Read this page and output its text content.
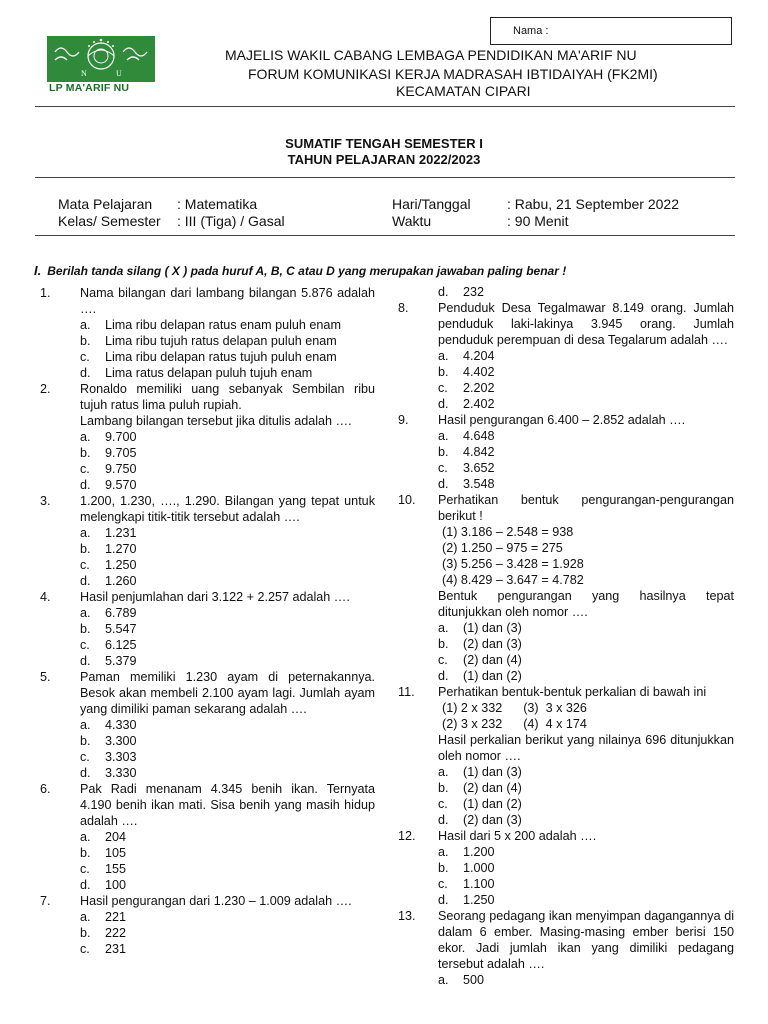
Nama :
N	U
LP MA'ARIF NU
MAJELIS WAKIL CABANG LEMBAGA PENDIDIKAN MA'ARIF NU
FORUM KOMUNIKASI KERJA MADRASAH IBTIDAIYAH (FK2MI)
KECAMATAN CIPARI
SUMATIF TENGAH SEMESTER I
TAHUN PELAJARAN 2022/2023
Mata Pelajaran : Matematika
Kelas/ Semester : III (Tiga) / Gasal
Hari/Tanggal	: Rabu, 21 September 2022
Waktu	: 90 Menit
I. Berilah tanda silang ( X ) pada huruf A, B, C atau D yang merupakan jawaban paling benar !
1.	Nama bilangan dari lambang bilangan 5.876 adalah ….
a.	Lima ribu delapan ratus enam puluh enam
b.	Lima ribu tujuh ratus delapan puluh enam
c.	Lima ribu delapan ratus tujuh puluh enam
d.	Lima ratus delapan puluh tujuh enam
2.	Ronaldo memiliki uang sebanyak Sembilan ribu tujuh ratus lima puluh rupiah.
Lambang bilangan tersebut jika ditulis adalah ….
a.	9.700
b.	9.705
c.	9.750
d.	9.570
3.	1.200, 1.230, …., 1.290. Bilangan yang tepat untuk melengkapi titik-titik tersebut adalah ….
a.	1.231
b.	1.270
c.	1.250
d.	1.260
4.	Hasil penjumlahan dari 3.122 + 2.257 adalah ….
a.	6.789
b.	5.547
c.	6.125
d.	5.379
5.	Paman memiliki 1.230 ayam di peternakannya. Besok akan membeli 2.100 ayam lagi. Jumlah ayam yang dimiliki paman sekarang adalah ….
a.	4.330
b.	3.300
c.	3.303
d.	3.330
6.	Pak Radi menanam 4.345 benih ikan. Ternyata 4.190 benih ikan mati. Sisa benih yang masih hidup adalah ….
a.	204
b.	105
c.	155
d.	100
7.	Hasil pengurangan dari 1.230 – 1.009 adalah ….
a.	221
b.	222
c.	231
d.	232
8.	Penduduk Desa Tegalmawar 8.149 orang. Jumlah penduduk laki-lakinya 3.945 orang. Jumlah penduduk perempuan di desa Tegalarum adalah ….
a.	4.204
b.	4.402
c.	2.202
d.	2.402
9.	Hasil pengurangan 6.400 – 2.852 adalah ….
a.	4.648
b.	4.842
c.	3.652
d.	3.548
10.	Perhatikan bentuk pengurangan-pengurangan berikut !
(1) 3.186 – 2.548 = 938
(2) 1.250 – 975 = 275
(3) 5.256 – 3.428 = 1.928
(4) 8.429 – 3.647 = 4.782
Bentuk pengurangan yang hasilnya tepat ditunjukkan oleh nomor ….
a.	(1) dan (3)
b.	(2) dan (3)
c.	(2) dan (4)
d.	(1) dan (2)
11.	Perhatikan bentuk-bentuk perkalian di bawah ini
(1) 2 x 332      (3)  3 x 326
(2) 3 x 232      (4)  4 x 174
Hasil perkalian berikut yang nilainya 696 ditunjukkan oleh nomor ….
a.	(1) dan (3)
b.	(2) dan (4)
c.	(1) dan (2)
d.	(2) dan (3)
12.	Hasil dari 5 x 200 adalah ….
a.	1.200
b.	1.000
c.	1.100
d.	1.250
13.	Seorang pedagang ikan menyimpan dagangannya di dalam 6 ember. Masing-masing ember berisi 150 ekor. Jadi jumlah ikan yang dimiliki pedagang tersebut adalah ….
a.	500
